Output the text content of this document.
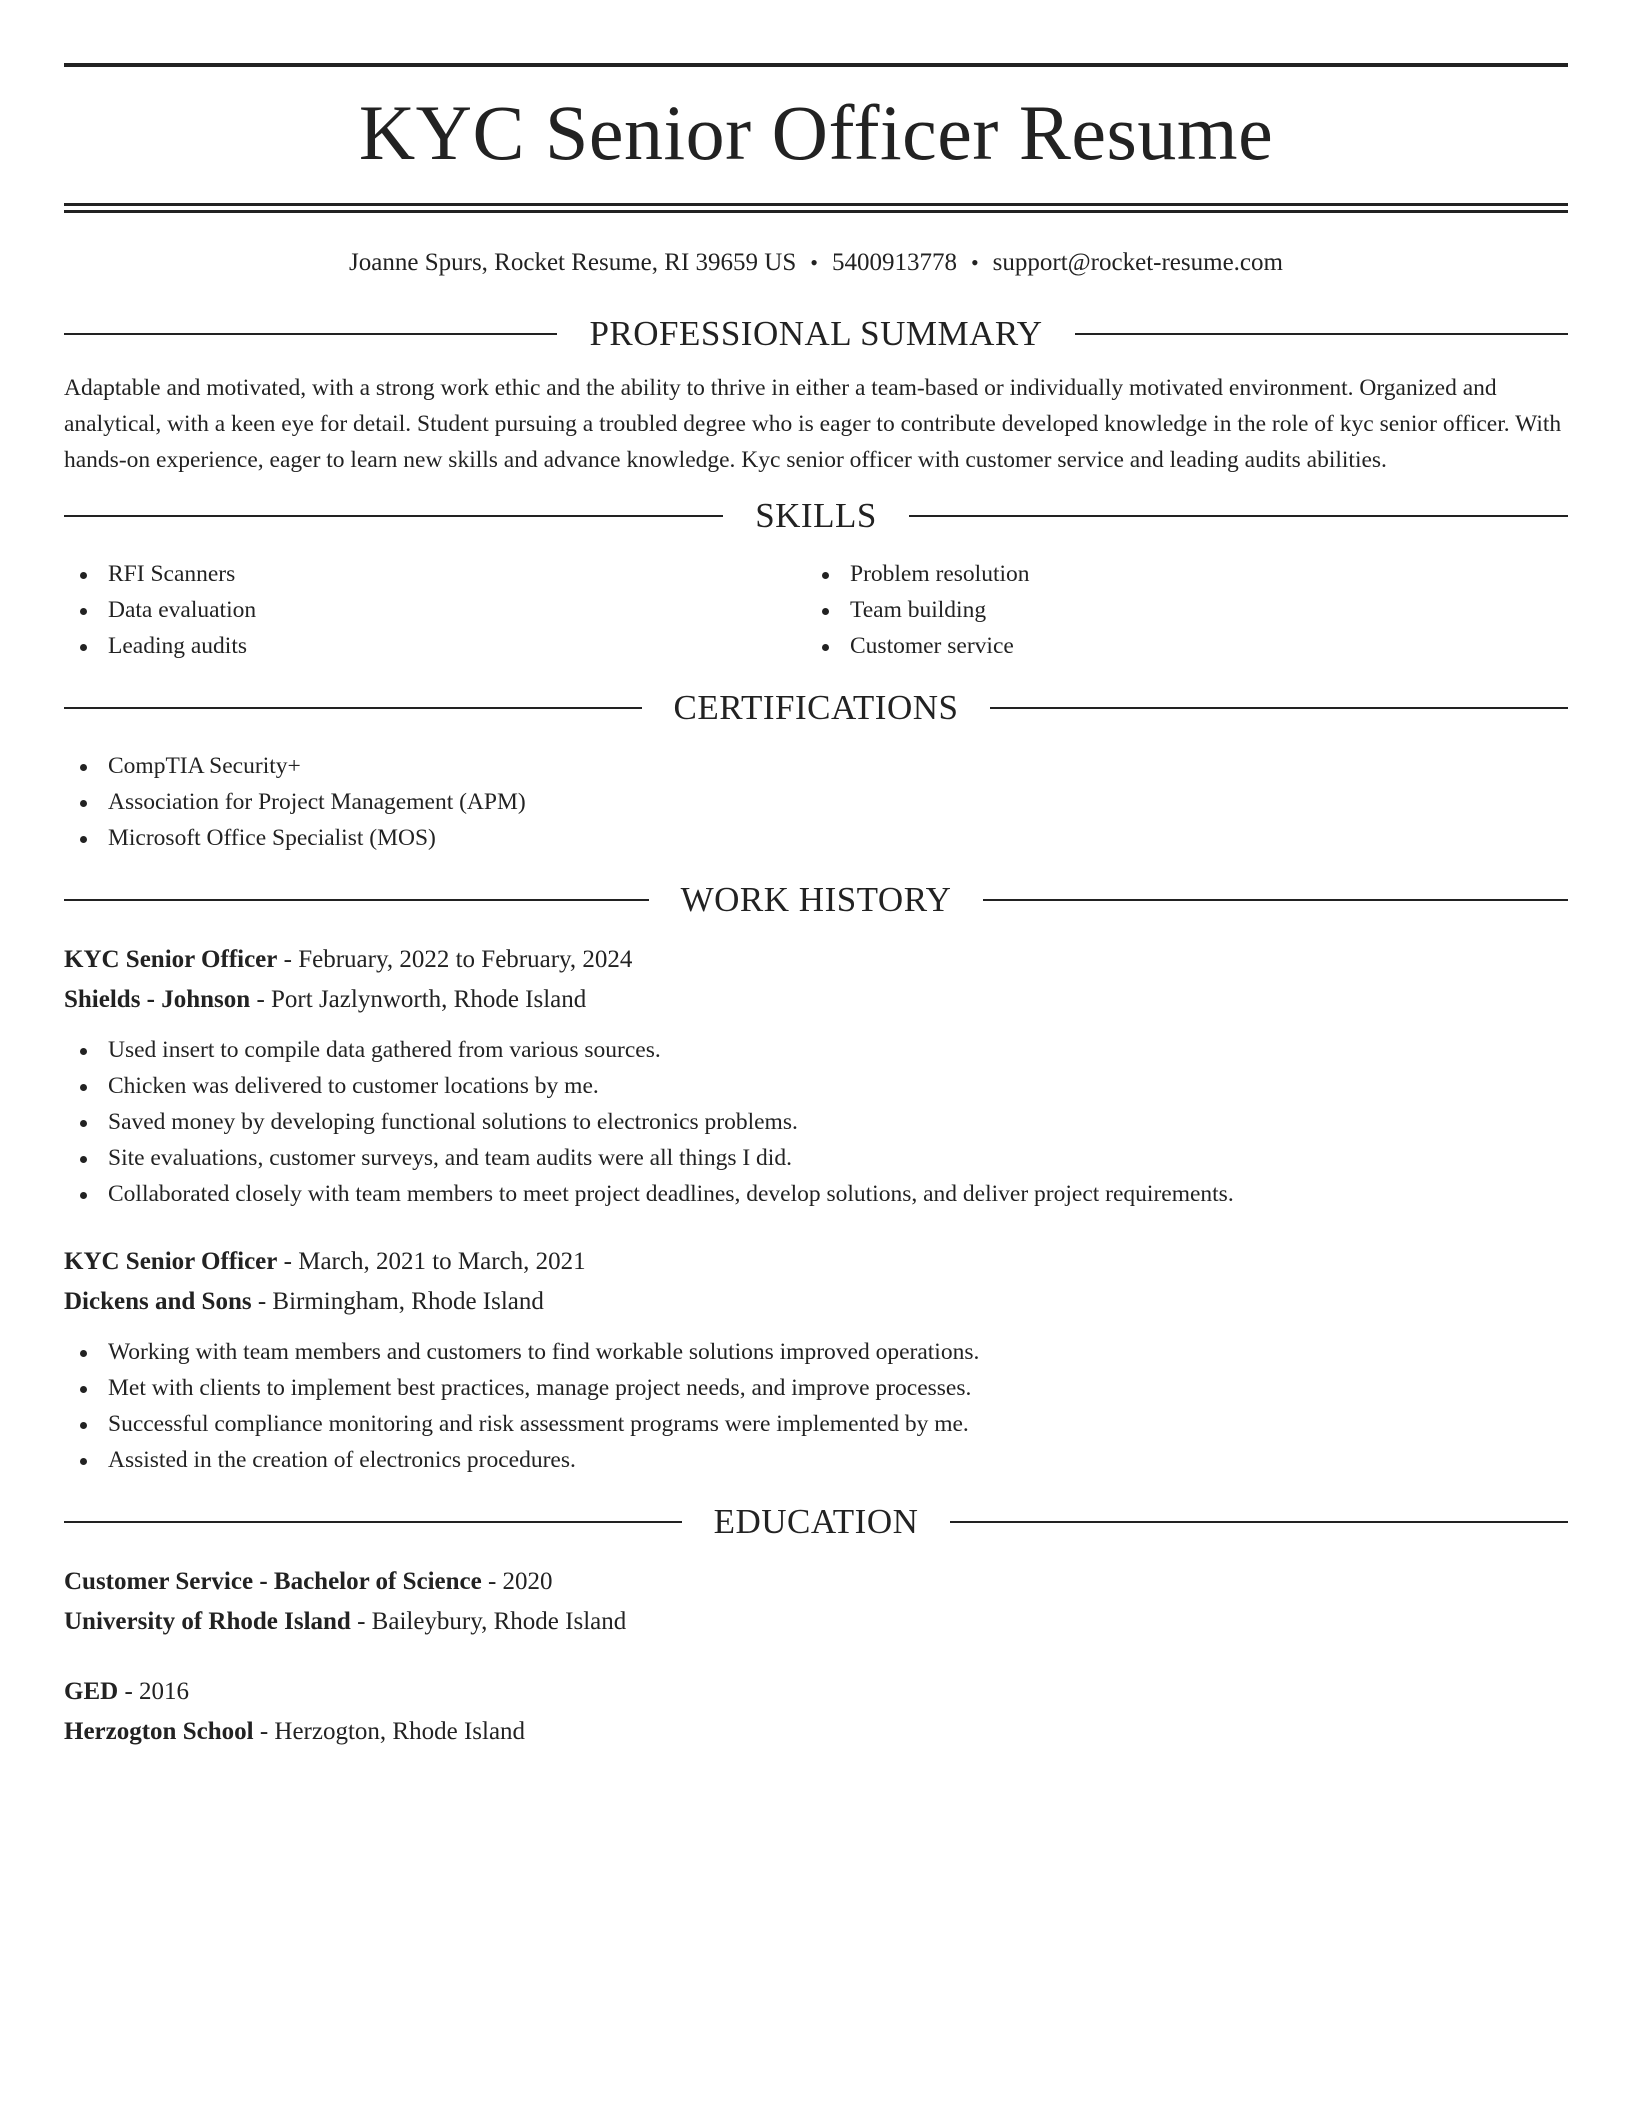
KYC Senior Officer Resume
Joanne Spurs, Rocket Resume, RI 39659 US • 5400913778 • support@rocket-resume.com
PROFESSIONAL SUMMARY
Adaptable and motivated, with a strong work ethic and the ability to thrive in either a team-based or individually motivated environment. Organized and analytical, with a keen eye for detail. Student pursuing a troubled degree who is eager to contribute developed knowledge in the role of kyc senior officer. With hands-on experience, eager to learn new skills and advance knowledge. Kyc senior officer with customer service and leading audits abilities.
SKILLS
RFI Scanners
Data evaluation
Leading audits
Problem resolution
Team building
Customer service
CERTIFICATIONS
CompTIA Security+
Association for Project Management (APM)
Microsoft Office Specialist (MOS)
WORK HISTORY
KYC Senior Officer - February, 2022 to February, 2024
Shields - Johnson - Port Jazlynworth, Rhode Island
Used insert to compile data gathered from various sources.
Chicken was delivered to customer locations by me.
Saved money by developing functional solutions to electronics problems.
Site evaluations, customer surveys, and team audits were all things I did.
Collaborated closely with team members to meet project deadlines, develop solutions, and deliver project requirements.
KYC Senior Officer - March, 2021 to March, 2021
Dickens and Sons - Birmingham, Rhode Island
Working with team members and customers to find workable solutions improved operations.
Met with clients to implement best practices, manage project needs, and improve processes.
Successful compliance monitoring and risk assessment programs were implemented by me.
Assisted in the creation of electronics procedures.
EDUCATION
Customer Service - Bachelor of Science - 2020
University of Rhode Island - Baileybury, Rhode Island
GED - 2016
Herzogton School - Herzogton, Rhode Island
